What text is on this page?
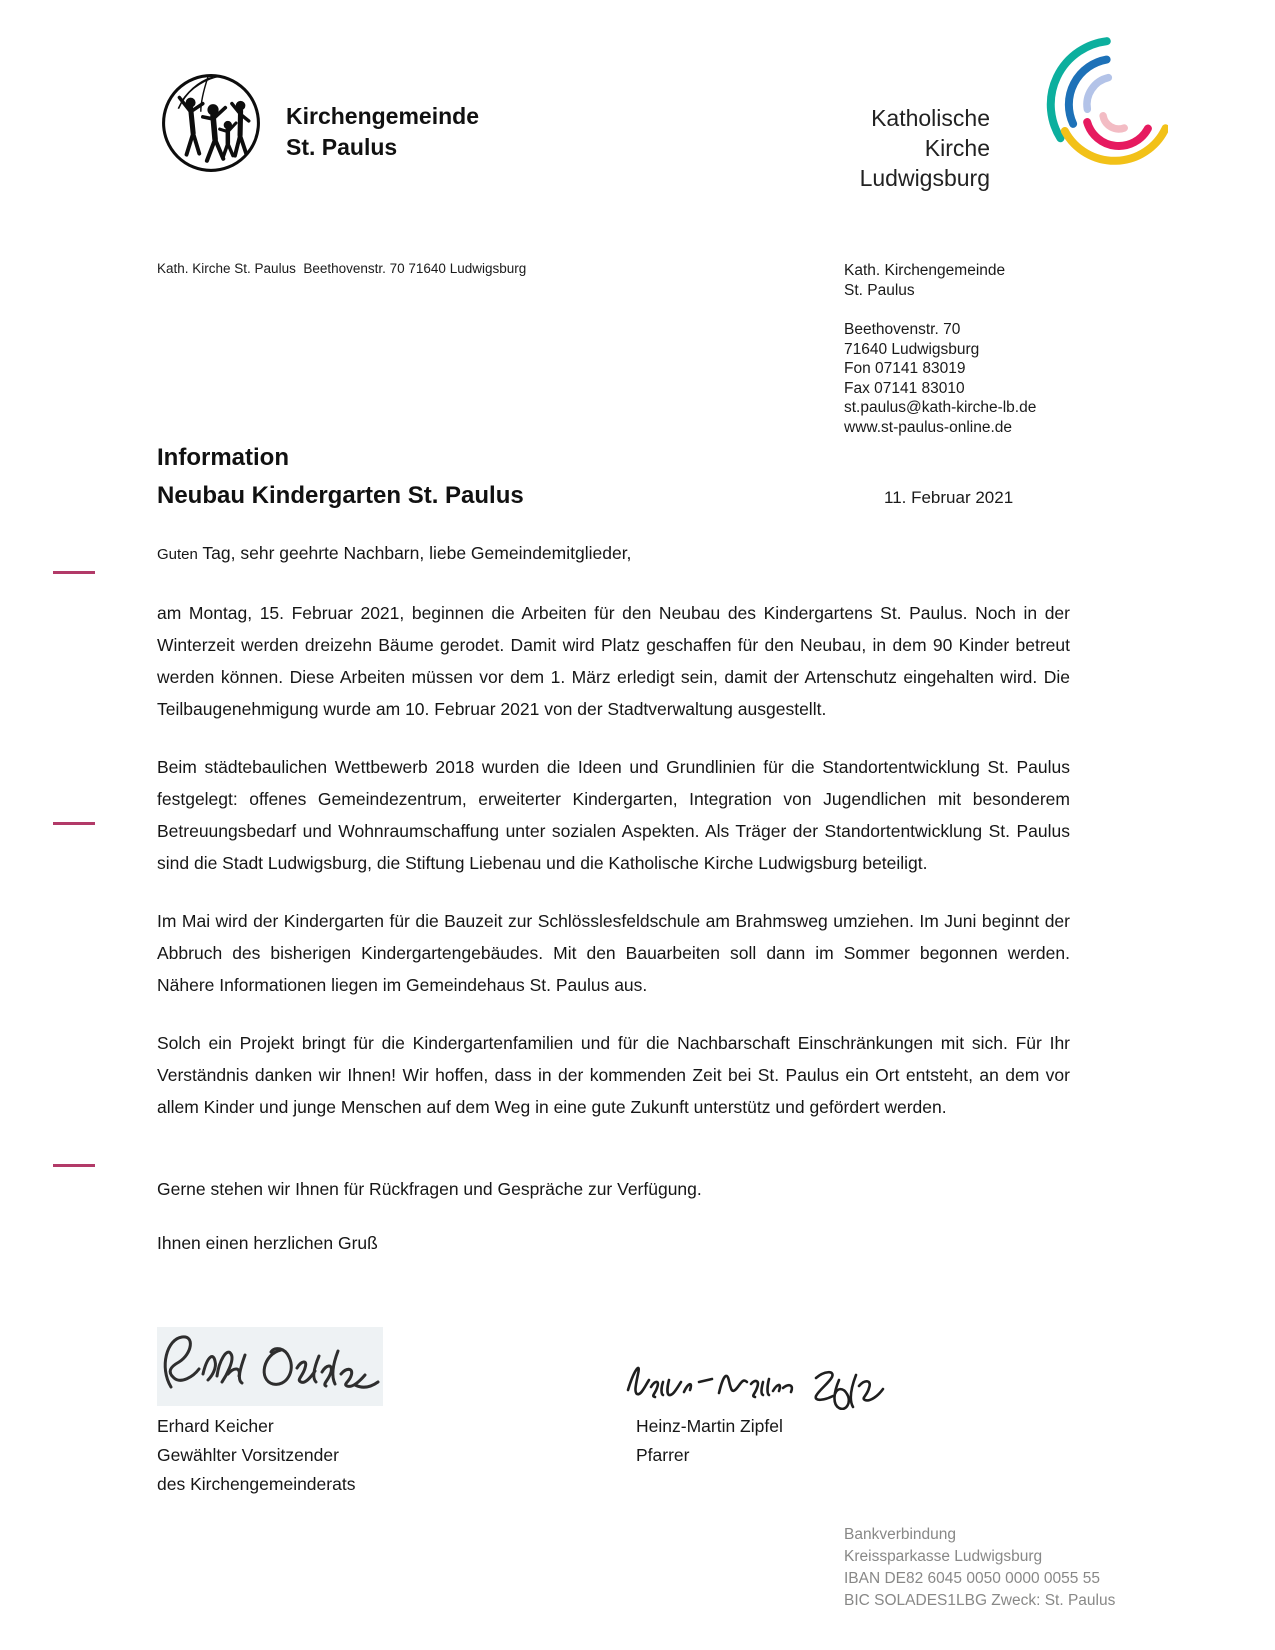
Kirchengemeinde
St. Paulus
Katholische
Kirche
Ludwigsburg
Kath. Kirche St. Paulus  Beethovenstr. 70 71640 Ludwigsburg	Kath. Kirchengemeinde
St. Paulus
Beethovenstr. 70
71640 Ludwigsburg
Fon 07141 83019
Fax 07141 83010
st.paulus@kath-kirche-lb.de
www.st-paulus-online.de
Information
Neubau Kindergarten St. Paulus	11. Februar 2021

Guten Tag, sehr geehrte Nachbarn, liebe Gemeindemitglieder,

am Montag, 15. Februar 2021, beginnen die Arbeiten für den Neubau des Kindergartens St. Paulus. Noch in der Winterzeit werden dreizehn Bäume gerodet. Damit wird Platz geschaffen für den Neubau, in dem 90 Kinder betreut werden können. Diese Arbeiten müssen vor dem 1. März erledigt sein, damit der Artenschutz eingehalten wird. Die Teilbaugenehmigung wurde am 10. Februar 2021 von der Stadtverwaltung ausgestellt.

Beim städtebaulichen Wettbewerb 2018 wurden die Ideen und Grundlinien für die Standortentwicklung St. Paulus festgelegt: offenes Gemeindezentrum, erweiterter Kindergarten, Integration von Jugendlichen mit besonderem Betreuungsbedarf und Wohnraumschaffung unter sozialen Aspekten. Als Träger der Standortentwicklung St. Paulus sind die Stadt Ludwigsburg, die Stiftung Liebenau und die Katholische Kirche Ludwigsburg beteiligt.

Im Mai wird der Kindergarten für die Bauzeit zur Schlösslesfeldschule am Brahmsweg umziehen. Im Juni beginnt der Abbruch des bisherigen Kindergartengebäudes. Mit den Bauarbeiten soll dann im Sommer begonnen werden. Nähere Informationen liegen im Gemeindehaus St. Paulus aus.

Solch ein Projekt bringt für die Kindergartenfamilien und für die Nachbarschaft Einschränkungen mit sich. Für Ihr Verständnis danken wir Ihnen! Wir hoffen, dass in der kommenden Zeit bei St. Paulus ein Ort entsteht, an dem vor allem Kinder und junge Menschen auf dem Weg in eine gute Zukunft unterstütz und gefördert werden.

Gerne stehen wir Ihnen für Rückfragen und Gespräche zur Verfügung.

Ihnen einen herzlichen Gruß

Erhard Keicher
Gewählter Vorsitzender
des Kirchengemeinderats
Heinz-Martin Zipfel
Pfarrer
Bankverbindung
Kreissparkasse Ludwigsburg
IBAN DE82 6045 0050 0000 0055 55
BIC SOLADES1LBG Zweck: St. Paulus
